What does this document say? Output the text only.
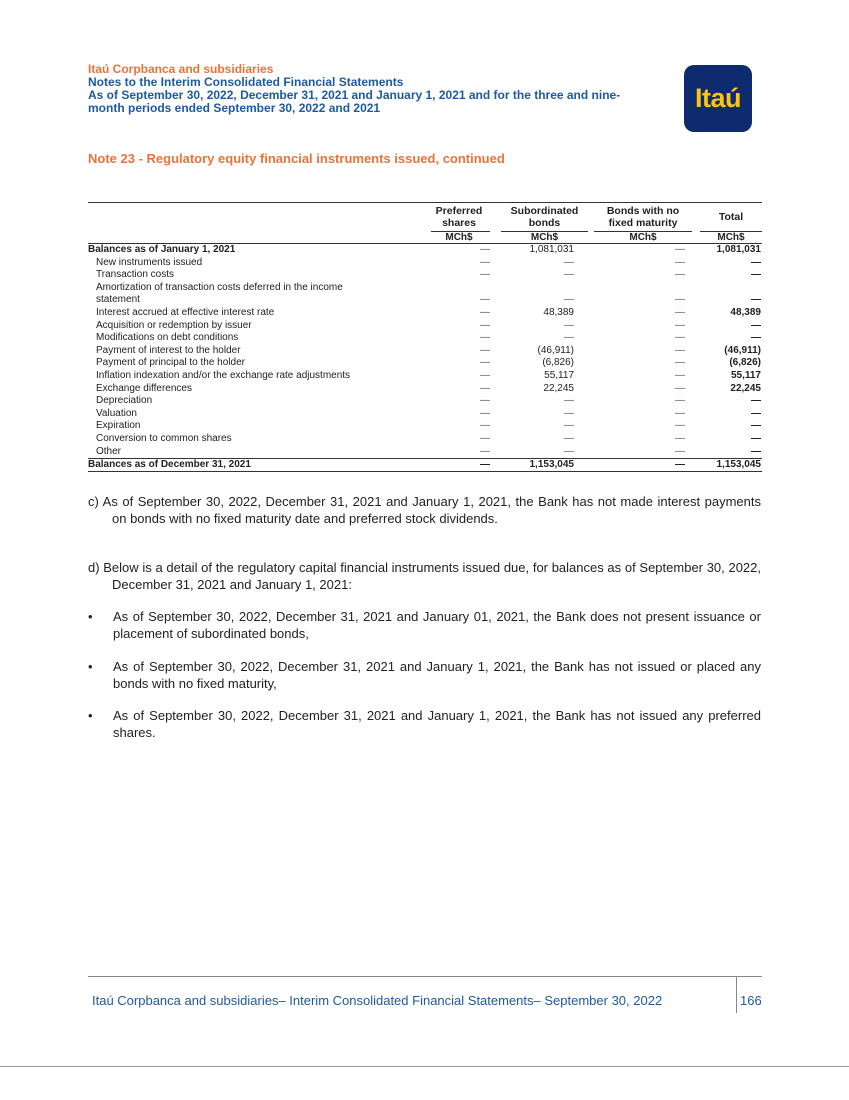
Itaú Corpbanca and subsidiaries
Notes to the Interim Consolidated Financial Statements
As of September 30, 2022, December 31, 2021 and January 1, 2021 and for the three and nine-
month periods ended September 30, 2022 and 2021	Itaú
Note 23 - Regulatory equity financial instruments issued, continued
Preferred
shares
Subordinated
bonds
Bonds with no
fixed maturity	Total
MCh$	MCh$	MCh$	MCh$
Balances as of January 1, 2021	—	1,081,031	—	1,081,031
New instruments issued	—	—	—	—
Transaction costs	—	—	—	—
Amortization of transaction costs deferred in the income statement	—	—	—	—
Interest accrued at effective interest rate	—	48,389	—	48,389
Acquisition or redemption by issuer	—	—	—	—
Modifications on debt conditions	—	—	—	—
Payment of interest to the holder	—	(46,911)	—	(46,911)
Payment of principal to the holder	—	(6,826)	—	(6,826)
Inflation indexation and/or the exchange rate adjustments	—	55,117	—	55,117
Exchange differences	—	22,245	—	22,245
Depreciation	—	—	—	—
Valuation	—	—	—	—
Expiration	—	—	—	—
Conversion to common shares	—	—	—	—
Other	—	—	—	—
Balances as of December 31, 2021	—	1,153,045	—	1,153,045
c) As of September 30, 2022, December 31, 2021 and January 1, 2021, the Bank has not made interest payments on bonds with no fixed maturity date and preferred stock dividends.
d) Below is a detail of the regulatory capital financial instruments issued due, for balances as of September 30, 2022, December 31, 2021 and January 1, 2021:
• As of September 30, 2022, December 31, 2021 and January 01, 2021, the Bank does not present issuance or placement of subordinated bonds,
• As of September 30, 2022, December 31, 2021 and January 1, 2021, the Bank has not issued or placed any bonds with no fixed maturity,
• As of September 30, 2022, December 31, 2021 and January 1, 2021, the Bank has not issued any preferred shares.
Itaú Corpbanca and subsidiaries– Interim Consolidated Financial Statements– September 30, 2022	166
